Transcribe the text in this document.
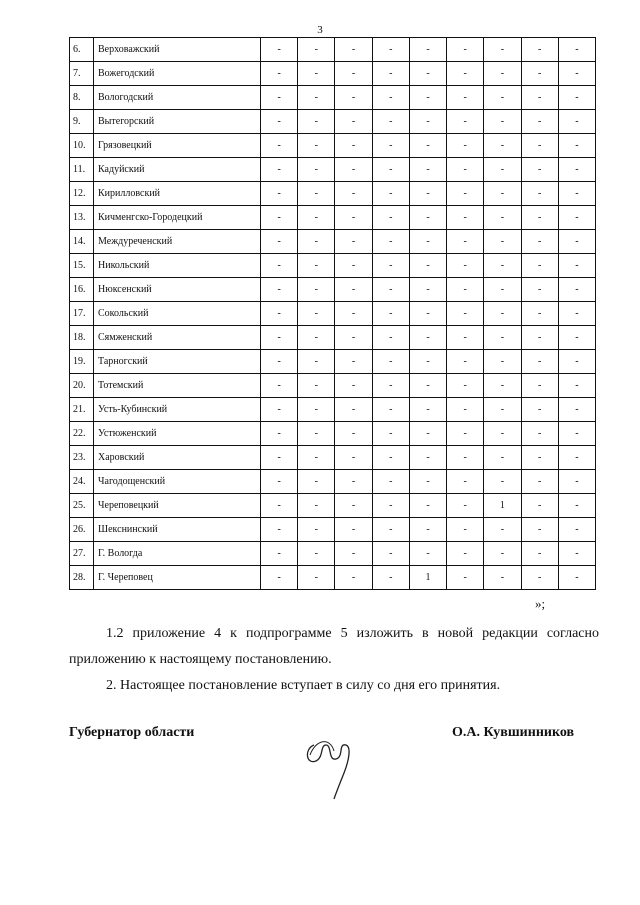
3
6.	Верховажский	-	-	-	-	-	-	-	-	-
7.	Вожегодский	-	-	-	-	-	-	-	-	-
8.	Вологодский	-	-	-	-	-	-	-	-	-
9.	Вытегорский	-	-	-	-	-	-	-	-	-
10.	Грязовецкий	-	-	-	-	-	-	-	-	-
11.	Кадуйский	-	-	-	-	-	-	-	-	-
12.	Кирилловский	-	-	-	-	-	-	-	-	-
13.	Кичменгско-Городецкий	-	-	-	-	-	-	-	-	-
14.	Междуреченский	-	-	-	-	-	-	-	-	-
15.	Никольский	-	-	-	-	-	-	-	-	-
16.	Нюксенский	-	-	-	-	-	-	-	-	-
17.	Сокольский	-	-	-	-	-	-	-	-	-
18.	Сямженский	-	-	-	-	-	-	-	-	-
19.	Тарногский	-	-	-	-	-	-	-	-	-
20.	Тотемский	-	-	-	-	-	-	-	-	-
21.	Усть-Кубинский	-	-	-	-	-	-	-	-	-
22.	Устюженский	-	-	-	-	-	-	-	-	-
23.	Харовский	-	-	-	-	-	-	-	-	-
24.	Чагодощенский	-	-	-	-	-	-	-	-	-
25.	Череповецкий	-	-	-	-	-	-	1	-	-
26.	Шекснинский	-	-	-	-	-	-	-	-	-
27.	Г. Вологда	-	-	-	-	-	-	-	-	-
28.	Г. Череповец	-	-	-	-	1	-	-	-	-
»;
1.2 приложение 4 к подпрограмме 5 изложить в новой редакции согласно приложению к настоящему постановлению.
2. Настоящее постановление вступает в силу со дня его принятия.
Губернатор области	О.А. Кувшинников
